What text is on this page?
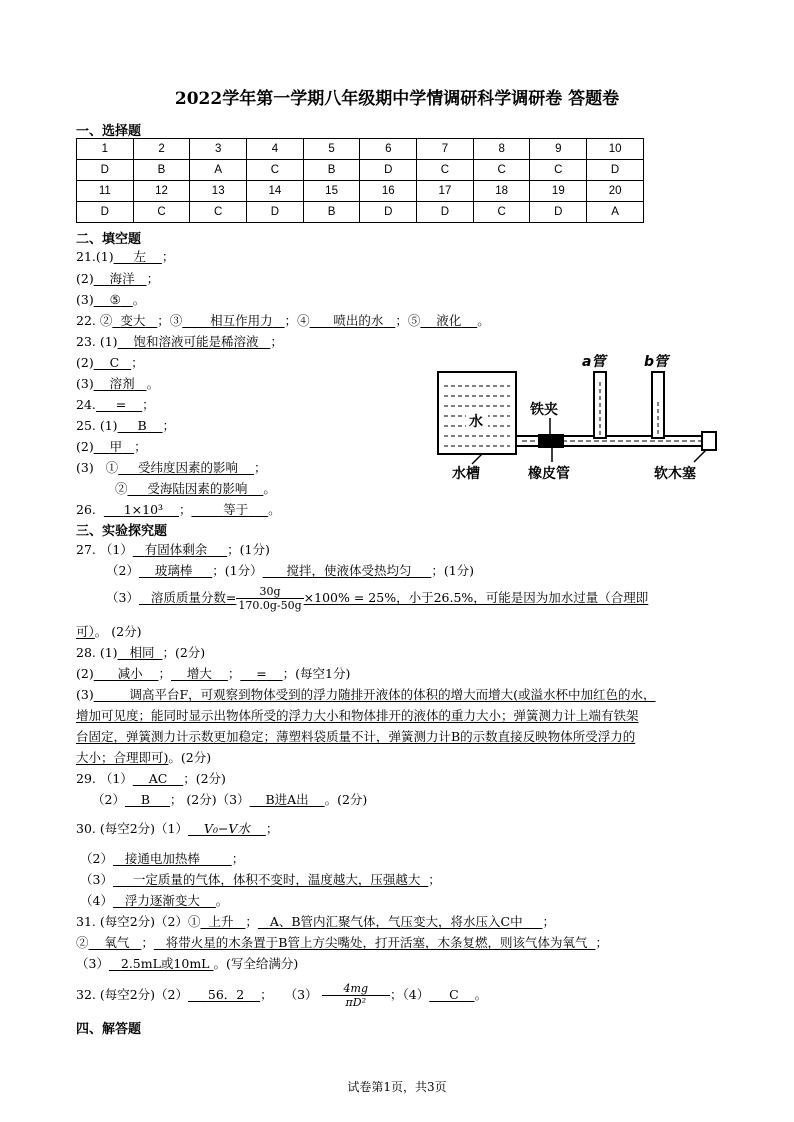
2022学年第一学期八年级期中学情调研科学调研卷 答题卷
一、选择题
1	2	3	4	5	6	7	8	9	10
D	B	A	C	B	D	C	C	C	D
11	12	13	14	15	16	17	18	19	20
D	C	C	D	B	D	D	C	D	A
二、填空题
21.(1) 左 ；
(2) 海洋 ；
(3) ⑤ 。
22. ② 变大 ；③ 相互作用力 ；④ 喷出的水 ；⑤ 液化 。
23. (1) 饱和溶液可能是稀溶液 ；
(2) C ；
(3) 溶剂 。
24. = ；
25. (1) B ；
(2) 甲 ；
(3) ① 受纬度因素的影响 ；
② 受海陆因素的影响 。
26. 1×10³ ；	等于 。
三、实验探究题
27. （1） 有固体剩余 ；(1分)
（2） 玻璃棒 ；(1分） 搅拌，使液体受热均匀 ；(1分)
（3） 溶质质量分数= $\frac{30g}{170.0g-50g} \times 100\% = 25\%$，小于26.5%，可能是因为加水过量（合理即
可）。 (2分)
28. (1) 相同 ；(2分)
(2) 减小 ； 增大 ； = ；(每空1分)
(3)	调高平台F，可观察到物体受到的浮力随排开液体的体积的增大而增大(或溢水杯中加红色的水，
增加可见度；能同时显示出物体所受的浮力大小和物体排开的液体的重力大小；弹簧测力计上端有铁架
台固定，弹簧测力计示数更加稳定；薄塑料袋质量不计，弹簧测力计B的示数直接反映物体所受浮力的
大小；合理即可)。(2分)
29. （1） AC ；(2分)
（2） B ； (2分)（3） B进A出 。(2分)
30. (每空2分)（1） V₀−V水 ；
（2） 接通电加热棒	；
（3） 一定质量的气体，体积不变时，温度越大，压强越大 ；
（4） 浮力逐渐变大 。
31. (每空2分)（2）① 上升 ； A、B管内汇聚气体，气压变大，将水压入C中 ；
② 氧气 ； 将带火星的木条置于B管上方尖嘴处，打开活塞，木条复燃，则该气体为氧气 ；
（3） 2.5mL或10mL 。(写全给满分)
32. (每空2分)（2） 56．2 ；   $(3) \frac{4mg}{\text{πD²}}$ ；（4） C 。
四、解答题
水
a管	b管
铁夹
水槽	橡皮管	软木塞
试卷第1页，共3页
